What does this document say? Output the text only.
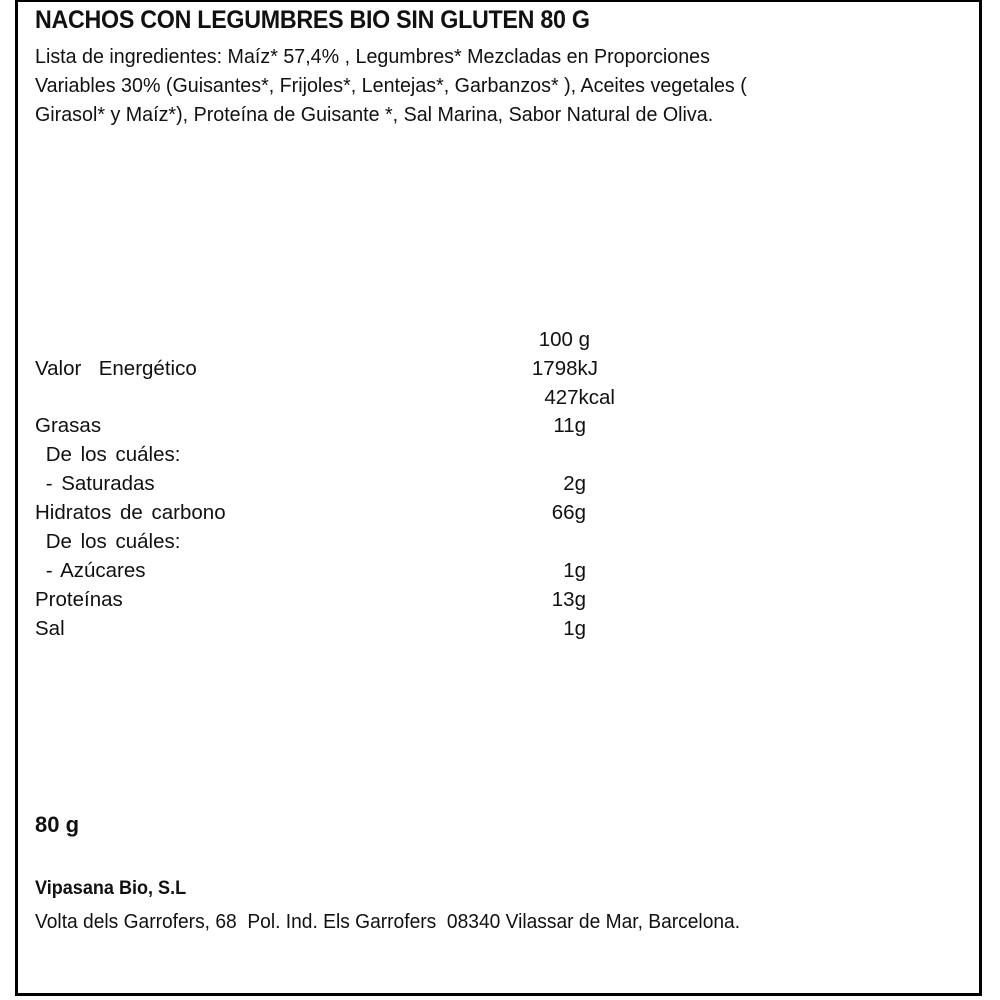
NACHOS CON LEGUMBRES BIO SIN GLUTEN 80 G
Lista de ingredientes: Maíz* 57,4% , Legumbres* Mezcladas en Proporciones
Variables 30% (Guisantes*, Frijoles*, Lentejas*, Garbanzos* ), Aceites vegetales (
Girasol* y Maíz*), Proteína de Guisante *, Sal Marina, Sabor Natural de Oliva.
100 g
Valor  Energético	1798kJ
427kcal
Grasas	11g
De los cuáles:
- Saturadas	2g
Hidratos de carbono	66g
De los cuáles:
- Azúcares	1g
Proteínas	13g
Sal	1g
80 g
Vipasana Bio, S.L
Volta dels Garrofers, 68  Pol. Ind. Els Garrofers  08340 Vilassar de Mar, Barcelona.
